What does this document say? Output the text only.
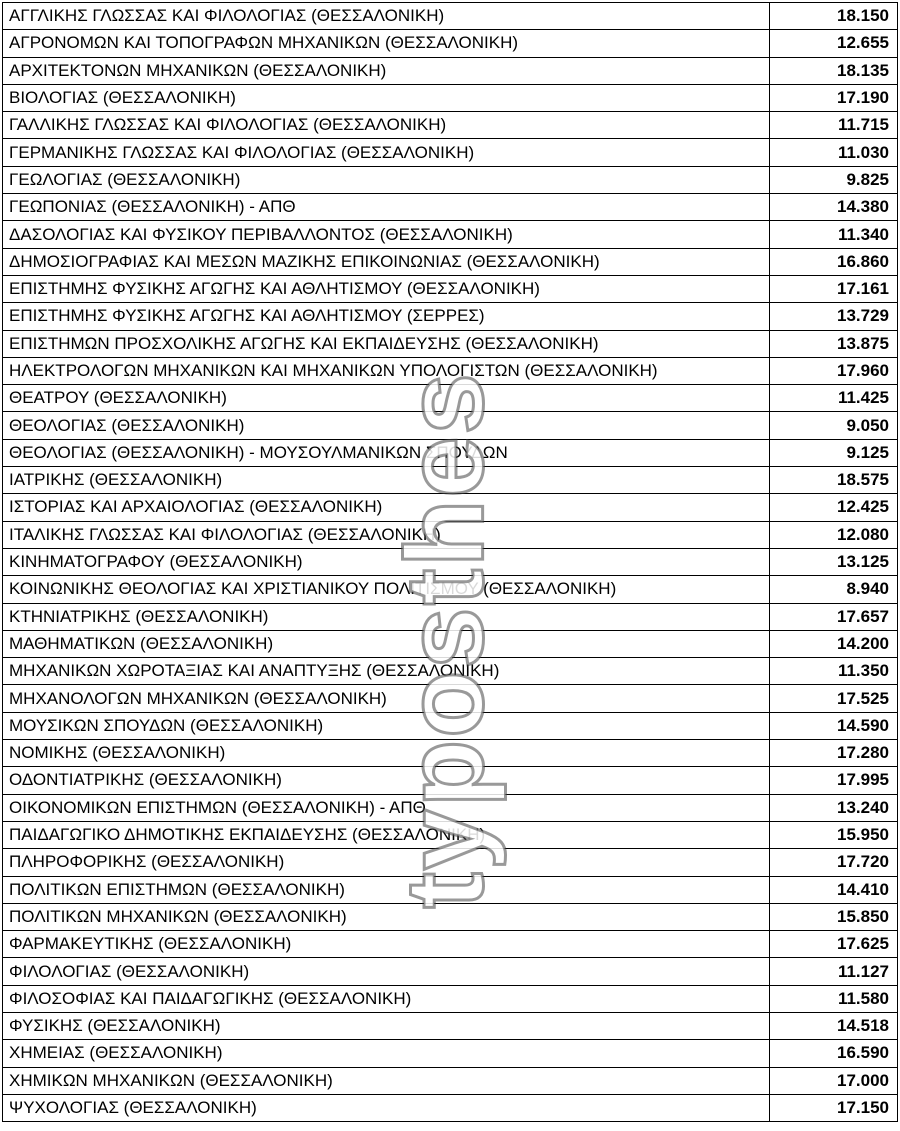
ΑΓΓΛΙΚΗΣ ΓΛΩΣΣΑΣ ΚΑΙ ΦΙΛΟΛΟΓΙΑΣ (ΘΕΣΣΑΛΟΝΙΚΗ)	18.150
ΑΓΡΟΝΟΜΩΝ ΚΑΙ ΤΟΠΟΓΡΑΦΩΝ ΜΗΧΑΝΙΚΩΝ (ΘΕΣΣΑΛΟΝΙΚΗ)	12.655
ΑΡΧΙΤΕΚΤΟΝΩΝ ΜΗΧΑΝΙΚΩΝ (ΘΕΣΣΑΛΟΝΙΚΗ)	18.135
ΒΙΟΛΟΓΙΑΣ (ΘΕΣΣΑΛΟΝΙΚΗ)	17.190
ΓΑΛΛΙΚΗΣ ΓΛΩΣΣΑΣ ΚΑΙ ΦΙΛΟΛΟΓΙΑΣ (ΘΕΣΣΑΛΟΝΙΚΗ)	11.715
ΓΕΡΜΑΝΙΚΗΣ ΓΛΩΣΣΑΣ ΚΑΙ ΦΙΛΟΛΟΓΙΑΣ (ΘΕΣΣΑΛΟΝΙΚΗ)	11.030
ΓΕΩΛΟΓΙΑΣ (ΘΕΣΣΑΛΟΝΙΚΗ)	9.825
ΓΕΩΠΟΝΙΑΣ (ΘΕΣΣΑΛΟΝΙΚΗ) - ΑΠΘ	14.380
ΔΑΣΟΛΟΓΙΑΣ ΚΑΙ ΦΥΣΙΚΟΥ ΠΕΡΙΒΑΛΛΟΝΤΟΣ (ΘΕΣΣΑΛΟΝΙΚΗ)	11.340
ΔΗΜΟΣΙΟΓΡΑΦΙΑΣ ΚΑΙ ΜΕΣΩΝ ΜΑΖΙΚΗΣ ΕΠΙΚΟΙΝΩΝΙΑΣ (ΘΕΣΣΑΛΟΝΙΚΗ)	16.860
ΕΠΙΣΤΗΜΗΣ ΦΥΣΙΚΗΣ ΑΓΩΓΗΣ ΚΑΙ ΑΘΛΗΤΙΣΜΟΥ (ΘΕΣΣΑΛΟΝΙΚΗ)	17.161
ΕΠΙΣΤΗΜΗΣ ΦΥΣΙΚΗΣ ΑΓΩΓΗΣ ΚΑΙ ΑΘΛΗΤΙΣΜΟΥ (ΣΕΡΡΕΣ)	13.729
ΕΠΙΣΤΗΜΩΝ ΠΡΟΣΧΟΛΙΚΗΣ ΑΓΩΓΗΣ ΚΑΙ ΕΚΠΑΙΔΕΥΣΗΣ (ΘΕΣΣΑΛΟΝΙΚΗ)	13.875
ΗΛΕΚΤΡΟΛΟΓΩΝ ΜΗΧΑΝΙΚΩΝ ΚΑΙ ΜΗΧΑΝΙΚΩΝ ΥΠΟΛΟΓΙΣΤΩΝ (ΘΕΣΣΑΛΟΝΙΚΗ)	17.960
ΘΕΑΤΡΟΥ (ΘΕΣΣΑΛΟΝΙΚΗ)	11.425
ΘΕΟΛΟΓΙΑΣ (ΘΕΣΣΑΛΟΝΙΚΗ)	9.050
ΘΕΟΛΟΓΙΑΣ (ΘΕΣΣΑΛΟΝΙΚΗ) - ΜΟΥΣΟΥΛΜΑΝΙΚΩΝ ΣΠΟΥΔΩΝ	9.125
ΙΑΤΡΙΚΗΣ (ΘΕΣΣΑΛΟΝΙΚΗ)	18.575
ΙΣΤΟΡΙΑΣ ΚΑΙ ΑΡΧΑΙΟΛΟΓΙΑΣ (ΘΕΣΣΑΛΟΝΙΚΗ)	12.425
ΙΤΑΛΙΚΗΣ ΓΛΩΣΣΑΣ ΚΑΙ ΦΙΛΟΛΟΓΙΑΣ (ΘΕΣΣΑΛΟΝΙΚΗ)	12.080
ΚΙΝΗΜΑΤΟΓΡΑΦΟΥ (ΘΕΣΣΑΛΟΝΙΚΗ)	13.125
ΚΟΙΝΩΝΙΚΗΣ ΘΕΟΛΟΓΙΑΣ ΚΑΙ ΧΡΙΣΤΙΑΝΙΚΟΥ ΠΟΛΙΤΙΣΜΟΥ (ΘΕΣΣΑΛΟΝΙΚΗ)	8.940
ΚΤΗΝΙΑΤΡΙΚΗΣ (ΘΕΣΣΑΛΟΝΙΚΗ)	17.657
ΜΑΘΗΜΑΤΙΚΩΝ (ΘΕΣΣΑΛΟΝΙΚΗ)	14.200
ΜΗΧΑΝΙΚΩΝ ΧΩΡΟΤΑΞΙΑΣ ΚΑΙ ΑΝΑΠΤΥΞΗΣ (ΘΕΣΣΑΛΟΝΙΚΗ)	11.350
ΜΗΧΑΝΟΛΟΓΩΝ ΜΗΧΑΝΙΚΩΝ (ΘΕΣΣΑΛΟΝΙΚΗ)	17.525
ΜΟΥΣΙΚΩΝ ΣΠΟΥΔΩΝ (ΘΕΣΣΑΛΟΝΙΚΗ)	14.590
ΝΟΜΙΚΗΣ (ΘΕΣΣΑΛΟΝΙΚΗ)	17.280
ΟΔΟΝΤΙΑΤΡΙΚΗΣ (ΘΕΣΣΑΛΟΝΙΚΗ)	17.995
ΟΙΚΟΝΟΜΙΚΩΝ ΕΠΙΣΤΗΜΩΝ (ΘΕΣΣΑΛΟΝΙΚΗ) - ΑΠΘ	13.240
ΠΑΙΔΑΓΩΓΙΚΟ ΔΗΜΟΤΙΚΗΣ ΕΚΠΑΙΔΕΥΣΗΣ (ΘΕΣΣΑΛΟΝΙΚΗ)	15.950
ΠΛΗΡΟΦΟΡΙΚΗΣ (ΘΕΣΣΑΛΟΝΙΚΗ)	17.720
ΠΟΛΙΤΙΚΩΝ ΕΠΙΣΤΗΜΩΝ (ΘΕΣΣΑΛΟΝΙΚΗ)	14.410
ΠΟΛΙΤΙΚΩΝ ΜΗΧΑΝΙΚΩΝ (ΘΕΣΣΑΛΟΝΙΚΗ)	15.850
ΦΑΡΜΑΚΕΥΤΙΚΗΣ (ΘΕΣΣΑΛΟΝΙΚΗ)	17.625
ΦΙΛΟΛΟΓΙΑΣ (ΘΕΣΣΑΛΟΝΙΚΗ)	11.127
ΦΙΛΟΣΟΦΙΑΣ ΚΑΙ ΠΑΙΔΑΓΩΓΙΚΗΣ (ΘΕΣΣΑΛΟΝΙΚΗ)	11.580
ΦΥΣΙΚΗΣ (ΘΕΣΣΑΛΟΝΙΚΗ)	14.518
ΧΗΜΕΙΑΣ (ΘΕΣΣΑΛΟΝΙΚΗ)	16.590
ΧΗΜΙΚΩΝ ΜΗΧΑΝΙΚΩΝ (ΘΕΣΣΑΛΟΝΙΚΗ)	17.000
ΨΥΧΟΛΟΓΙΑΣ (ΘΕΣΣΑΛΟΝΙΚΗ)	17.150
typosthes
